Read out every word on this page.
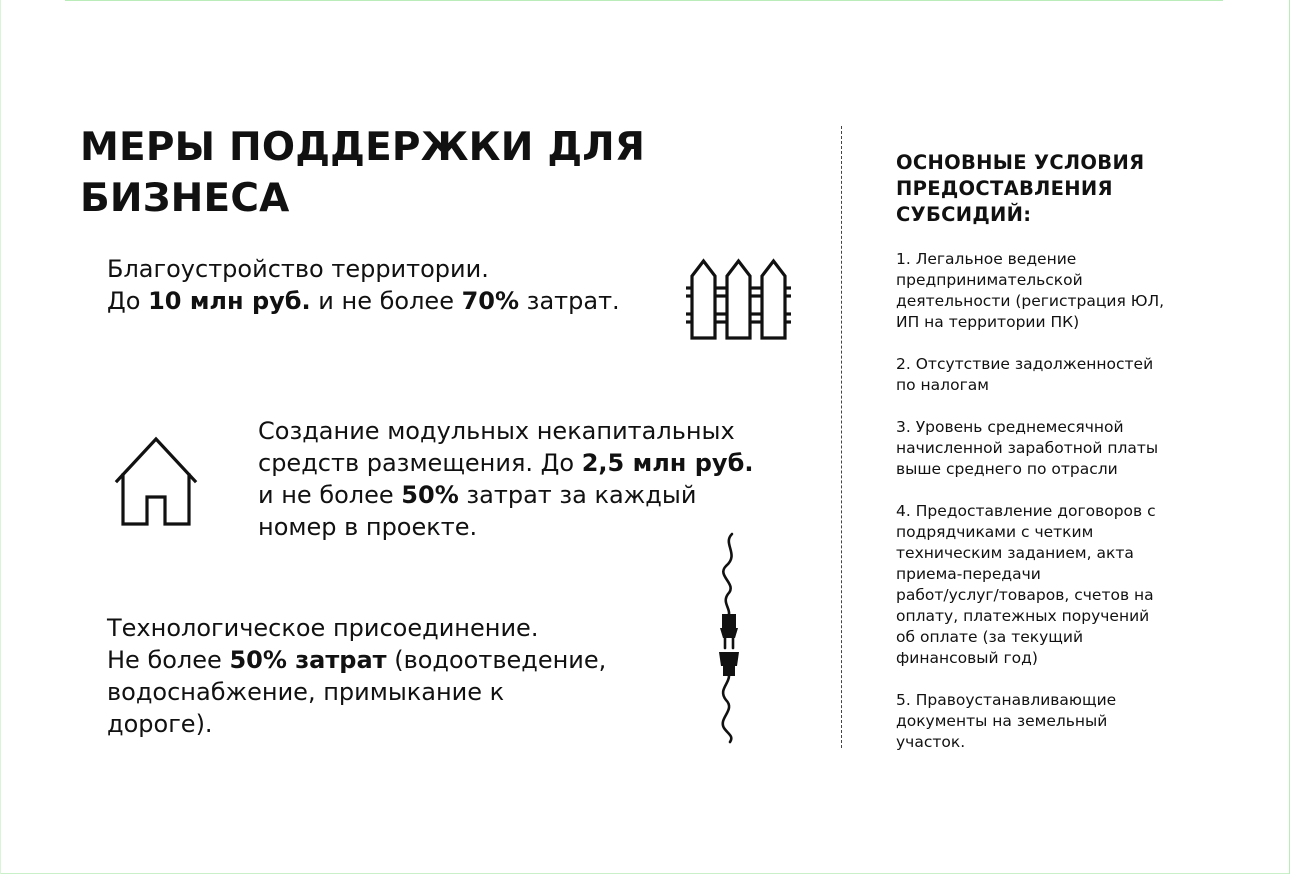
МЕРЫ ПОДДЕРЖКИ ДЛЯ
БИЗНЕСА

Благоустройство территории.
До 10 млн руб. и не более 70% затрат.

Создание модульных некапитальных
средств размещения. До 2,5 млн руб.
и не более 50% затрат за каждый
номер в проекте.

Технологическое присоединение.
Не более 50% затрат (водоотведение,
водоснабжение, примыкание к
дороге).

ОСНОВНЫЕ УСЛОВИЯ
ПРЕДОСТАВЛЕНИЯ
СУБСИДИЙ:
1. Легальное ведение
предпринимательской
деятельности (регистрация ЮЛ,
ИП на территории ПК)
2. Отсутствие задолженностей
по налогам
3. Уровень среднемесячной
начисленной заработной платы
выше среднего по отрасли
4. Предоставление договоров с
подрядчиками с четким
техническим заданием, акта
приема-передачи
работ/услуг/товаров, счетов на
оплату, платежных поручений
об оплате (за текущий
финансовый год)
5. Правоустанавливающие
документы на земельный
участок.
